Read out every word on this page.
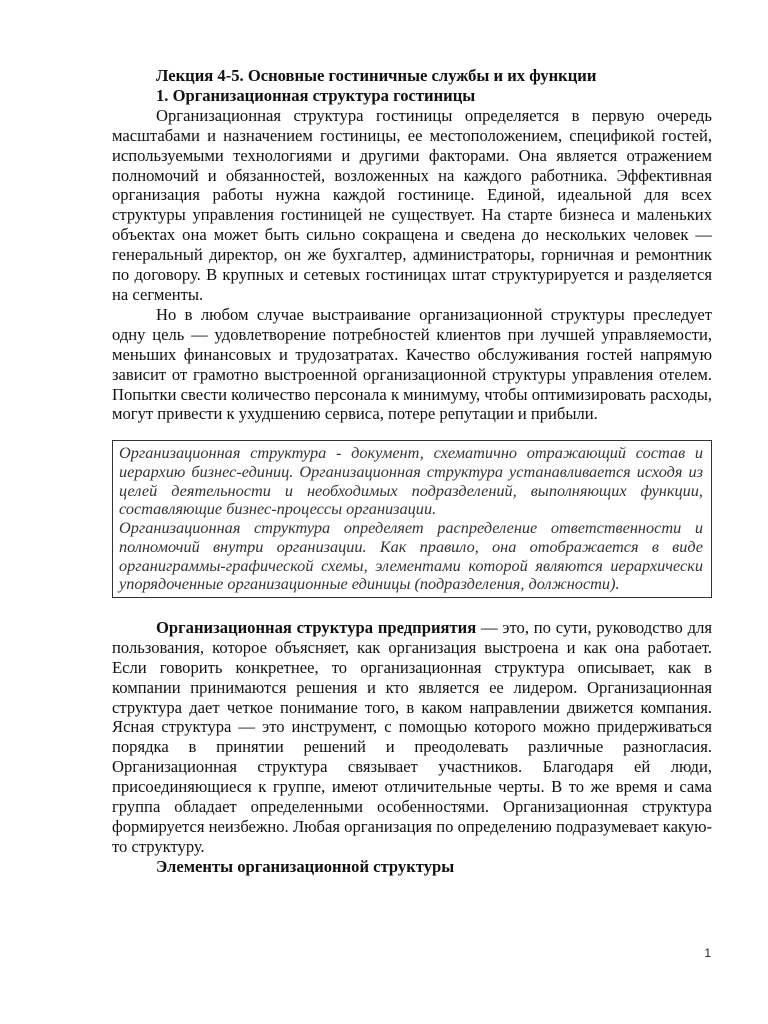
Лекция 4-5. Основные гостиничные службы и их функции

1. Организационная структура гостиницы

Организационная структура гостиницы определяется в первую очередь масштабами и назначением гостиницы, ее местоположением, спецификой гостей, используемыми технологиями и другими факторами. Она является отражением полномочий и обязанностей, возложенных на каждого работника. Эффективная организация работы нужна каждой гостинице. Единой, идеальной для всех структуры управления гостиницей не существует. На старте бизнеса и маленьких объектах она может быть сильно сокращена и сведена до нескольких человек — генеральный директор, он же бухгалтер, администраторы, горничная и ремонтник по договору. В крупных и сетевых гостиницах штат структурируется и разделяется на сегменты.

Но в любом случае выстраивание организационной структуры преследует одну цель — удовлетворение потребностей клиентов при лучшей управляемости, меньших финансовых и трудозатратах. Качество обслуживания гостей напрямую зависит от грамотно выстроенной организационной структуры управления отелем. Попытки свести количество персонала к минимуму, чтобы оптимизировать расходы, могут привести к ухудшению сервиса, потере репутации и прибыли.

Организационная структура - документ, схематично отражающий состав и иерархию бизнес-единиц. Организационная структура устанавливается исходя из целей деятельности и необходимых подразделений, выполняющих функции, составляющие бизнес-процессы организации.

Организационная структура определяет распределение ответственности и полномочий внутри организации. Как правило, она отображается в виде органиграммы-графической схемы, элементами которой являются иерархически упорядоченные организационные единицы (подразделения, должности).

Организационная структура предприятия — это, по сути, руководство для пользования, которое объясняет, как организация выстроена и как она работает. Если говорить конкретнее, то организационная структура описывает, как в компании принимаются решения и кто является ее лидером. Организационная структура дает четкое понимание того, в каком направлении движется компания. Ясная структура — это инструмент, с помощью которого можно придерживаться порядка в принятии решений и преодолевать различные разногласия. Организационная структура связывает участников. Благодаря ей люди, присоединяющиеся к группе, имеют отличительные черты. В то же время и сама группа обладает определенными особенностями. Организационная структура формируется неизбежно. Любая организация по определению подразумевает какую-то структуру.

Элементы организационной структуры

1
